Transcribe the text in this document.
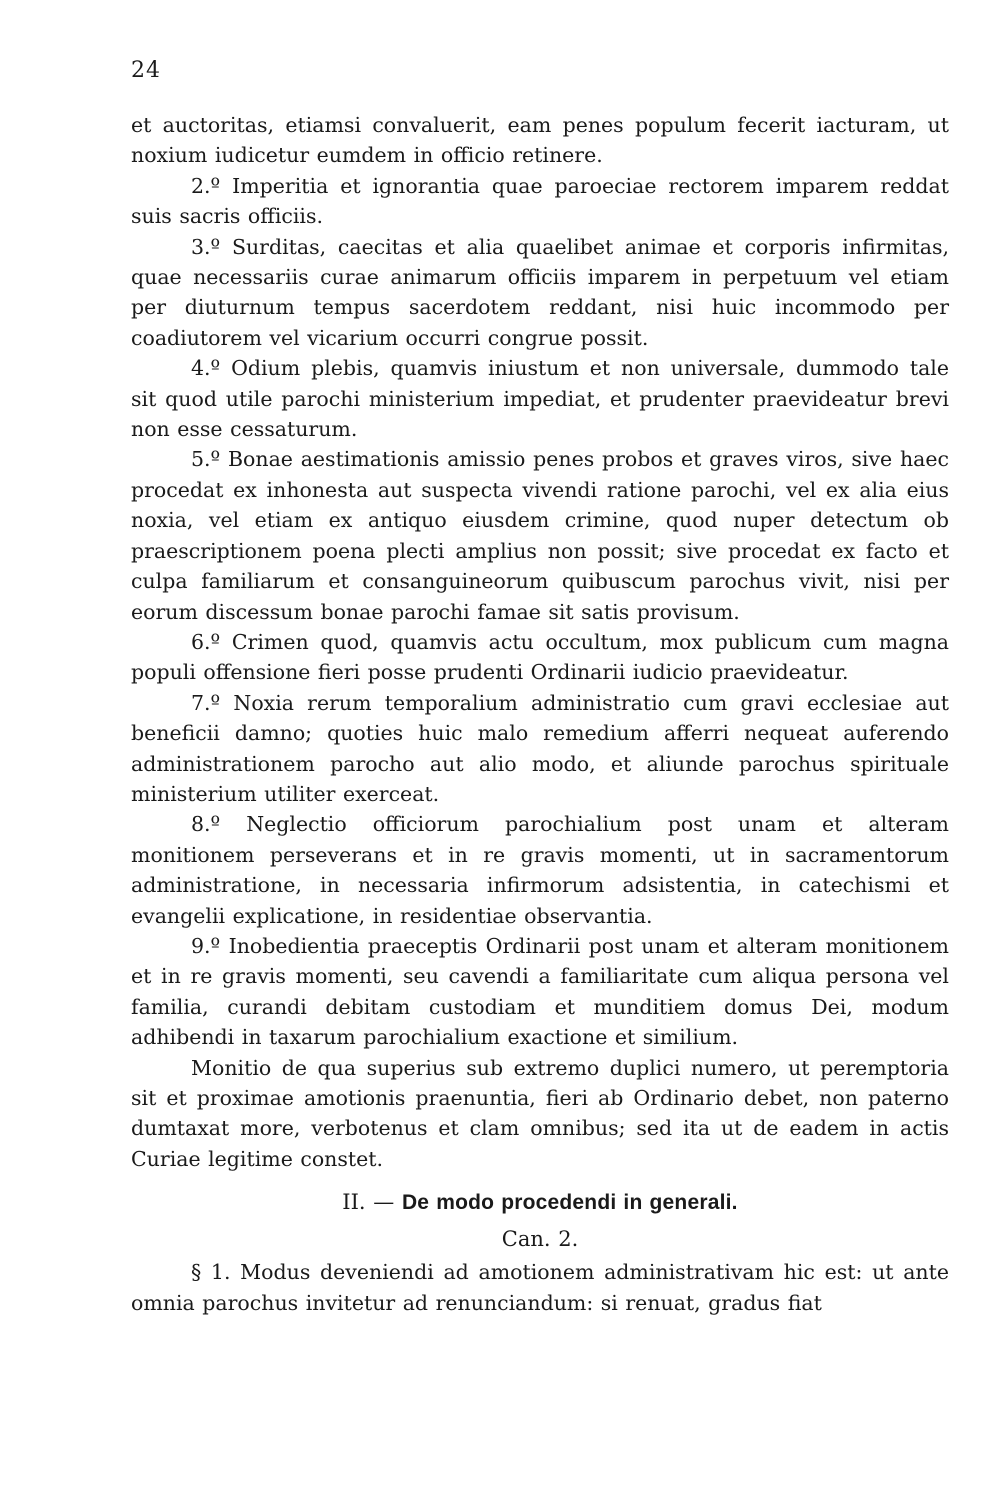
24

et auctoritas, etiamsi convaluerit, eam penes populum fecerit iacturam, ut noxium iudicetur eumdem in officio retinere.

2.º Imperitia et ignorantia quae paroeciae rectorem imparem reddat suis sacris officiis.

3.º Surditas, caecitas et alia quaelibet animae et corporis infirmitas, quae necessariis curae animarum officiis imparem in perpetuum vel etiam per diuturnum tempus sacerdotem reddant, nisi huic incommodo per coadiutorem vel vicarium occurri congrue possit.

4.º Odium plebis, quamvis iniustum et non universale, dummodo tale sit quod utile parochi ministerium impediat, et prudenter praevideatur brevi non esse cessaturum.

5.º Bonae aestimationis amissio penes probos et graves viros, sive haec procedat ex inhonesta aut suspecta vivendi ratione parochi, vel ex alia eius noxia, vel etiam ex antiquo eiusdem crimine, quod nuper detectum ob praescriptionem poena plecti amplius non possit; sive procedat ex facto et culpa familiarum et consanguineorum quibuscum parochus vivit, nisi per eorum discessum bonae parochi famae sit satis provisum.

6.º Crimen quod, quamvis actu occultum, mox publicum cum magna populi offensione fieri posse prudenti Ordinarii iudicio praevideatur.

7.º Noxia rerum temporalium administratio cum gravi ecclesiae aut beneficii damno; quoties huic malo remedium afferri nequeat auferendo administrationem parocho aut alio modo, et aliunde parochus spirituale ministerium utiliter exerceat.

8.º Neglectio officiorum parochialium post unam et alteram monitionem perseverans et in re gravis momenti, ut in sacramentorum administratione, in necessaria infirmorum adsistentia, in catechismi et evangelii explicatione, in residentiae observantia.

9.º Inobedientia praeceptis Ordinarii post unam et alteram monitionem et in re gravis momenti, seu cavendi a familiaritate cum aliqua persona vel familia, curandi debitam custodiam et munditiem domus Dei, modum adhibendi in taxarum parochialium exactione et similium.

Monitio de qua superius sub extremo duplici numero, ut peremptoria sit et proximae amotionis praenuntia, fieri ab Ordinario debet, non paterno dumtaxat more, verbotenus et clam omnibus; sed ita ut de eadem in actis Curiae legitime constet.

II. — De modo procedendi in generali.
Can. 2.

§ 1. Modus deveniendi ad amotionem administrativam hic est: ut ante omnia parochus invitetur ad renunciandum: si renuat, gradus fiat
